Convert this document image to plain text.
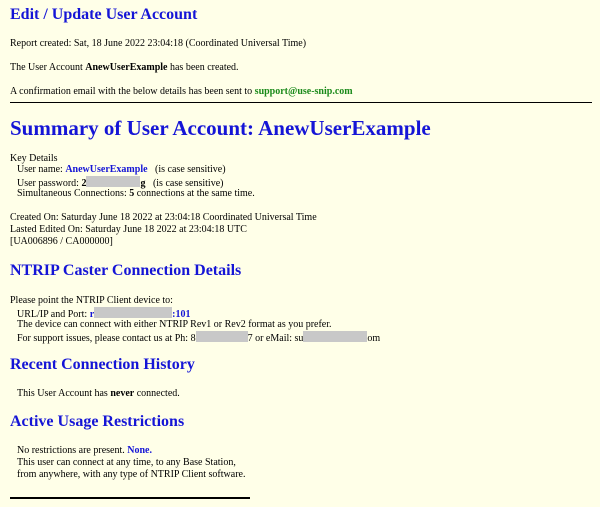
Edit / Update User Account
Report created: Sat, 18 June 2022 23:04:18 (Coordinated Universal Time)
The User Account AnewUserExample has been created.
A confirmation email with the below details has been sent to support@use-snip.com
Summary of User Account: AnewUserExample
Key Details
User name: AnewUserExample (is case sensitive)
User password: 2	g (is case sensitive)
Simultaneous Connections: 5 connections at the same time.
Created On: Saturday June 18 2022 at 23:04:18 Coordinated Universal Time
Lasted Edited On: Saturday June 18 2022 at 23:04:18 UTC
[UA006896 / CA000000]
NTRIP Caster Connection Details
Please point the NTRIP Client device to:
URL/IP and Port: r	:101
The device can connect with either NTRIP Rev1 or Rev2 format as you prefer.
For support issues, please contact us at Ph: 8	7 or eMail: su	om
Recent Connection History
This User Account has never connected.
Active Usage Restrictions
No restrictions are present. None.
This user can connect at any time, to any Base Station,
from anywhere, with any type of NTRIP Client software.
